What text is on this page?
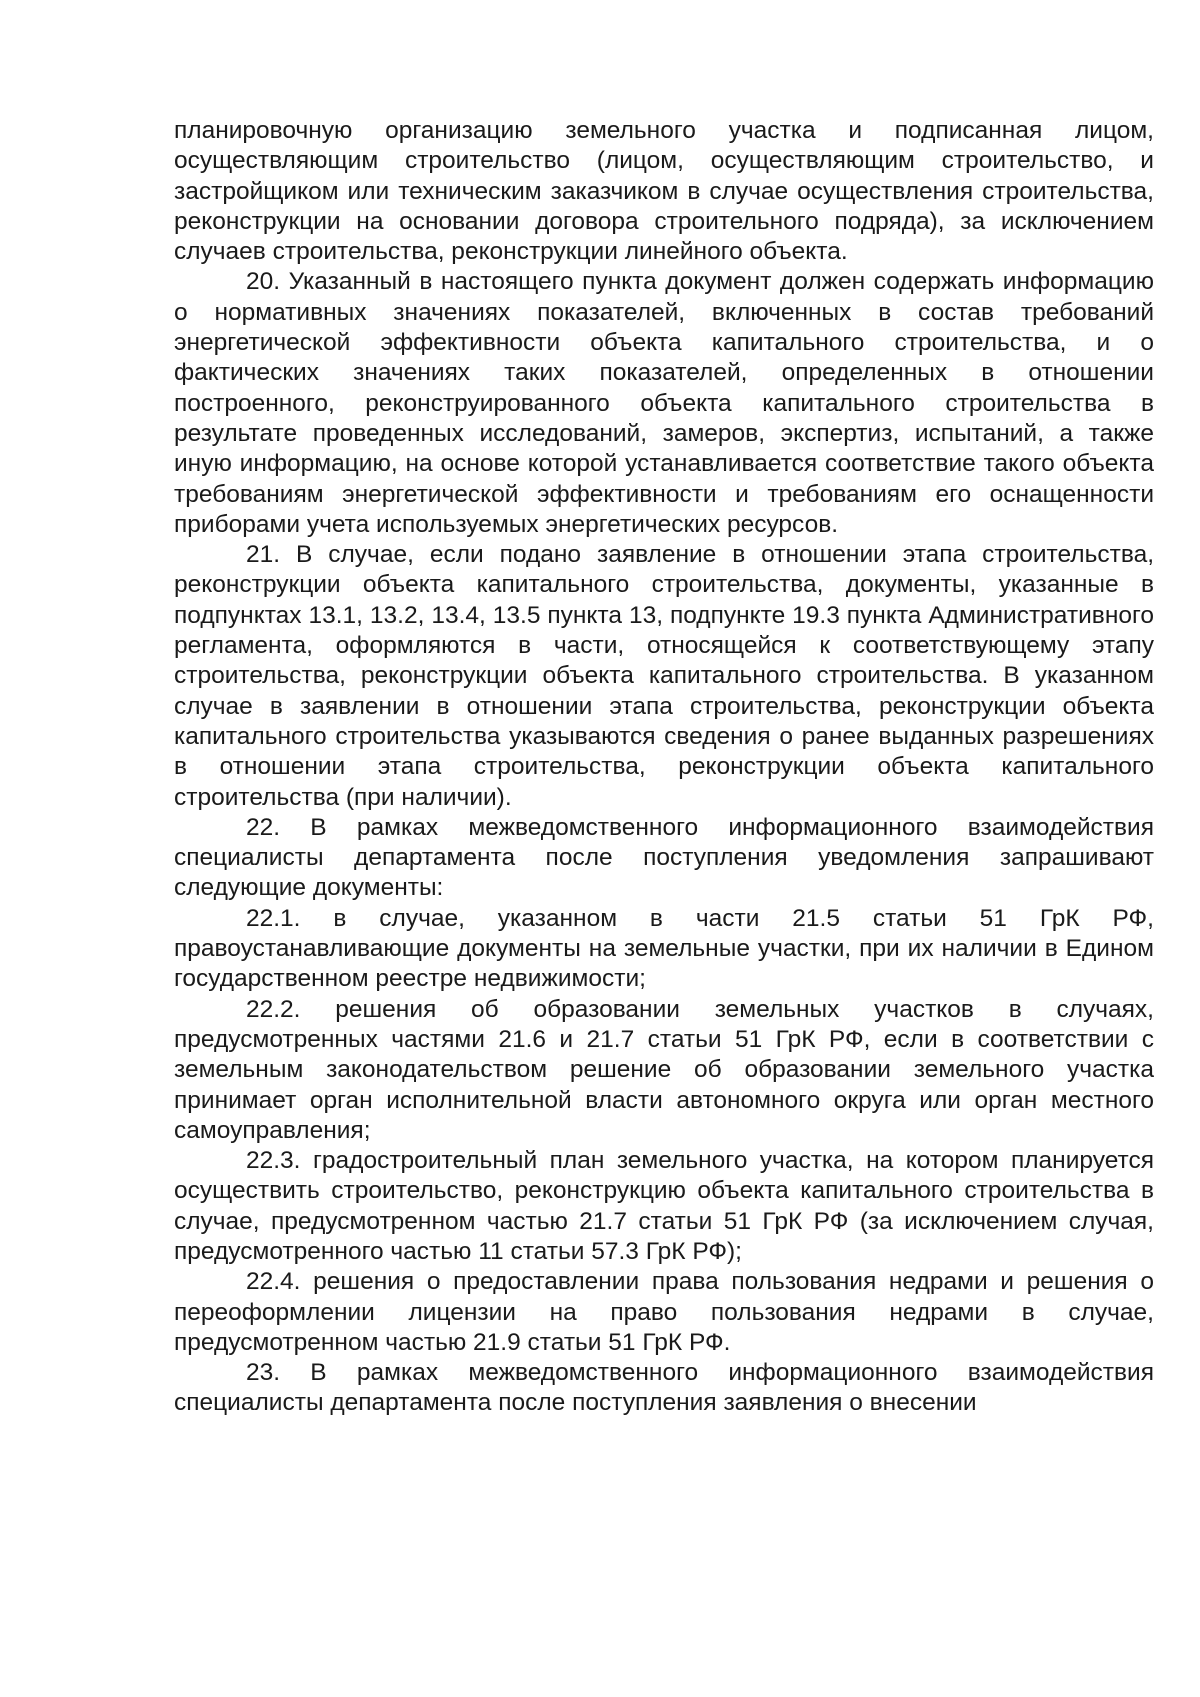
планировочную организацию земельного участка и подписанная лицом, осуществляющим строительство (лицом, осуществляющим строительство, и застройщиком или техническим заказчиком в случае осуществления строительства, реконструкции на основании договора строительного подряда), за исключением случаев строительства, реконструкции линейного объекта.

20. Указанный в настоящего пункта документ должен содержать информацию о нормативных значениях показателей, включенных в состав требований энергетической эффективности объекта капитального строительства, и о фактических значениях таких показателей, определенных в отношении построенного, реконструированного объекта капитального строительства в результате проведенных исследований, замеров, экспертиз, испытаний, а также иную информацию, на основе которой устанавливается соответствие такого объекта требованиям энергетической эффективности и требованиям его оснащенности приборами учета используемых энергетических ресурсов.

21. В случае, если подано заявление в отношении этапа строительства, реконструкции объекта капитального строительства, документы, указанные в подпунктах 13.1, 13.2, 13.4, 13.5 пункта 13, подпункте 19.3 пункта Административного регламента, оформляются в части, относящейся к соответствующему этапу строительства, реконструкции объекта капитального строительства. В указанном случае в заявлении в отношении этапа строительства, реконструкции объекта капитального строительства указываются сведения о ранее выданных разрешениях в отношении этапа строительства, реконструкции объекта капитального строительства (при наличии).

22. В рамках межведомственного информационного взаимодействия специалисты департамента после поступления уведомления запрашивают следующие документы:

22.1. в случае, указанном в части 21.5 статьи 51 ГрК РФ, правоустанавливающие документы на земельные участки, при их наличии в Едином государственном реестре недвижимости;

22.2. решения об образовании земельных участков в случаях, предусмотренных частями 21.6 и 21.7 статьи 51 ГрК РФ, если в соответствии с земельным законодательством решение об образовании земельного участка принимает орган исполнительной власти автономного округа или орган местного самоуправления;

22.3. градостроительный план земельного участка, на котором планируется осуществить строительство, реконструкцию объекта капитального строительства в случае, предусмотренном частью 21.7 статьи 51 ГрК РФ (за исключением случая, предусмотренного частью 11 статьи 57.3 ГрК РФ);

22.4. решения о предоставлении права пользования недрами и решения о переоформлении лицензии на право пользования недрами в случае, предусмотренном частью 21.9 статьи 51 ГрК РФ.

23. В рамках межведомственного информационного взаимодействия специалисты департамента после поступления заявления о внесении
